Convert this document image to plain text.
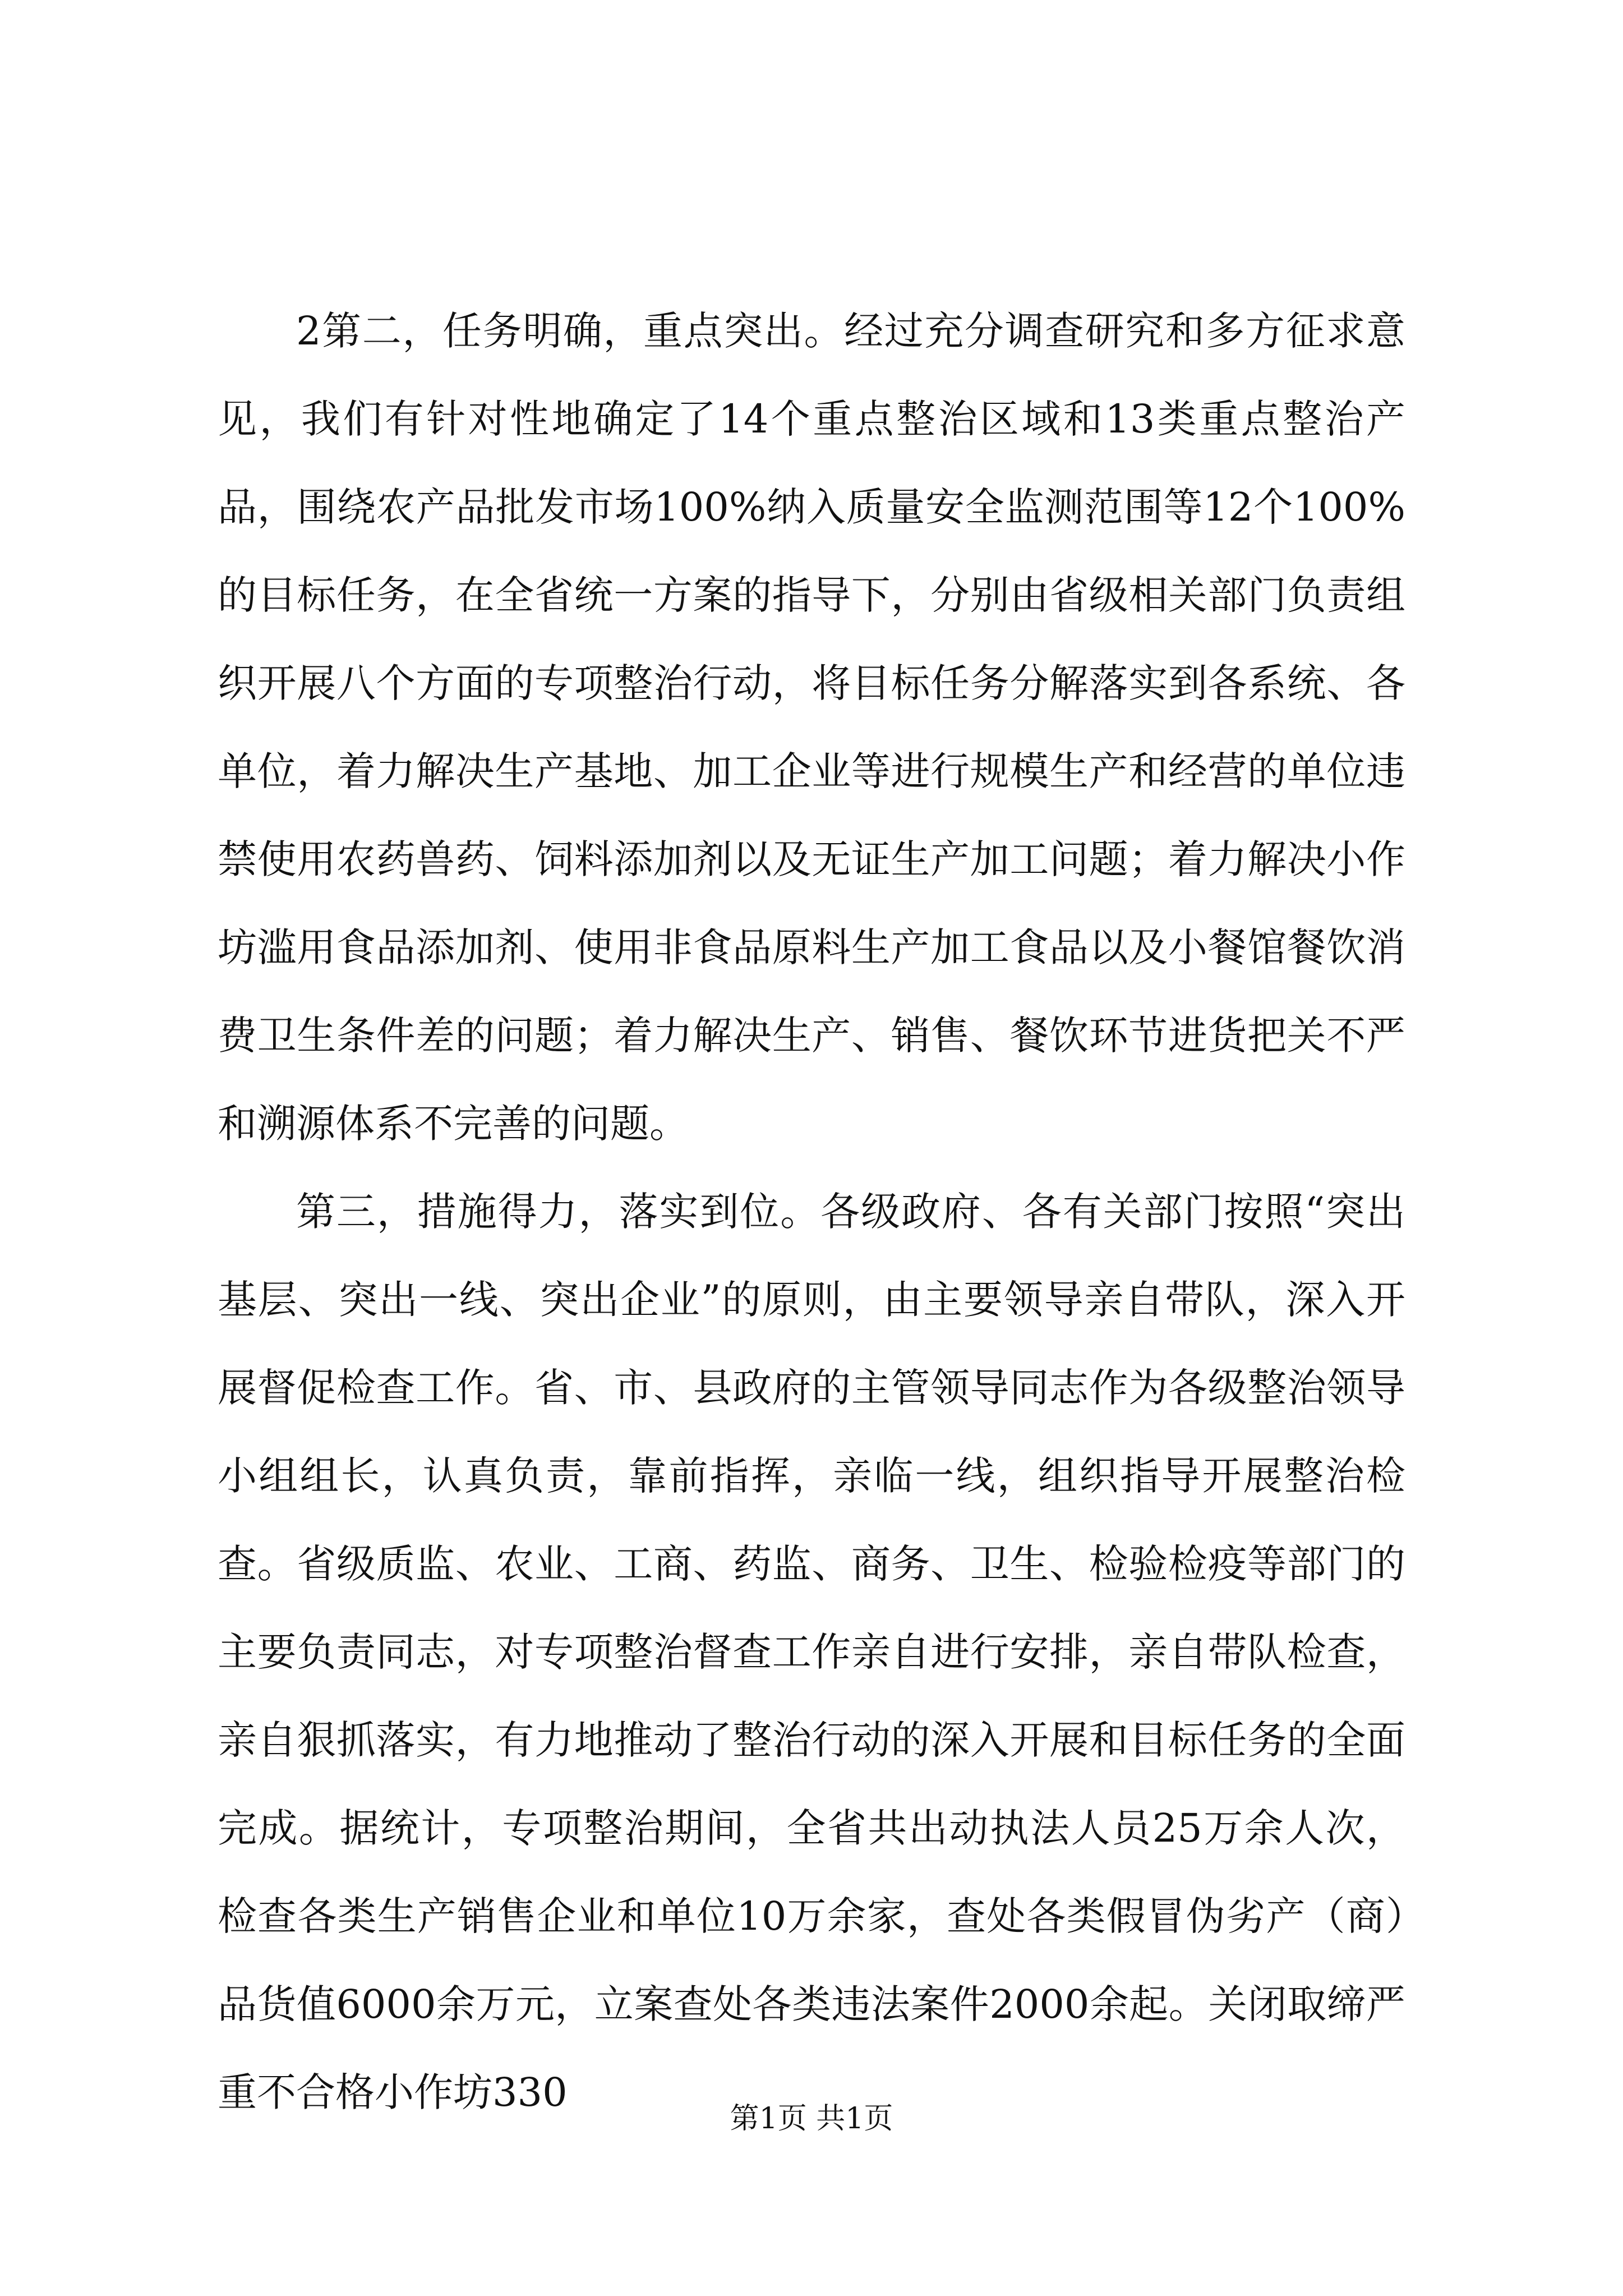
2第二，任务明确，重点突出。经过充分调查研究和多方征求意见，我们有针对性地确定了14个重点整治区域和13类重点整治产品，围绕农产品批发市场100%纳入质量安全监测范围等12个100%的目标任务，在全省统一方案的指导下，分别由省级相关部门负责组织开展八个方面的专项整治行动，将目标任务分解落实到各系统、各单位，着力解决生产基地、加工企业等进行规模生产和经营的单位违禁使用农药兽药、饲料添加剂以及无证生产加工问题；着力解决小作坊滥用食品添加剂、使用非食品原料生产加工食品以及小餐馆餐饮消费卫生条件差的问题；着力解决生产、销售、餐饮环节进货把关不严和溯源体系不完善的问题。

第三，措施得力，落实到位。各级政府、各有关部门按照“突出基层、突出一线、突出企业”的原则，由主要领导亲自带队，深入开展督促检查工作。省、市、县政府的主管领导同志作为各级整治领导小组组长，认真负责，靠前指挥，亲临一线，组织指导开展整治检查。省级质监、农业、工商、药监、商务、卫生、检验检疫等部门的主要负责同志，对专项整治督查工作亲自进行安排，亲自带队检查，亲自狠抓落实，有力地推动了整治行动的深入开展和目标任务的全面完成。据统计，专项整治期间，全省共出动执法人员25万余人次，检查各类生产销售企业和单位10万余家，查处各类假冒伪劣产（商）品货值6000余万元，立案查处各类违法案件2000余起。关闭取缔严重不合格小作坊330

第1页 共1页
